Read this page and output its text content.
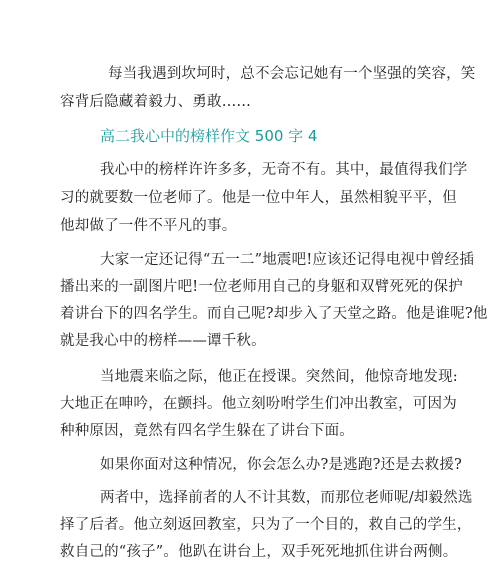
每当我遇到坎坷时，总不会忘记她有一个坚强的笑容，笑
容背后隐藏着毅力、勇敢……
高二我心中的榜样作文 500 字 4
我心中的榜样许许多多，无奇不有。其中，最值得我们学
习的就要数一位老师了。他是一位中年人，虽然相貌平平，但
他却做了一件不平凡的事。
大家一定还记得“五一二”地震吧!应该还记得电视中曾经插
播出来的一副图片吧!一位老师用自己的身躯和双臂死死的保护
着讲台下的四名学生。而自己呢?却步入了天堂之路。他是谁呢?他
就是我心中的榜样——谭千秋。
当地震来临之际，他正在授课。突然间，他惊奇地发现:
大地正在呻吟，在颤抖。他立刻吩咐学生们冲出教室，可因为
种种原因，竟然有四名学生躲在了讲台下面。
如果你面对这种情况，你会怎么办?是逃跑?还是去救援?
两者中，选择前者的人不计其数，而那位老师呢/却毅然选
择了后者。他立刻返回教室，只为了一个目的，救自己的学生，
救自己的“孩子”。他趴在讲台上，双手死死地抓住讲台两侧。
